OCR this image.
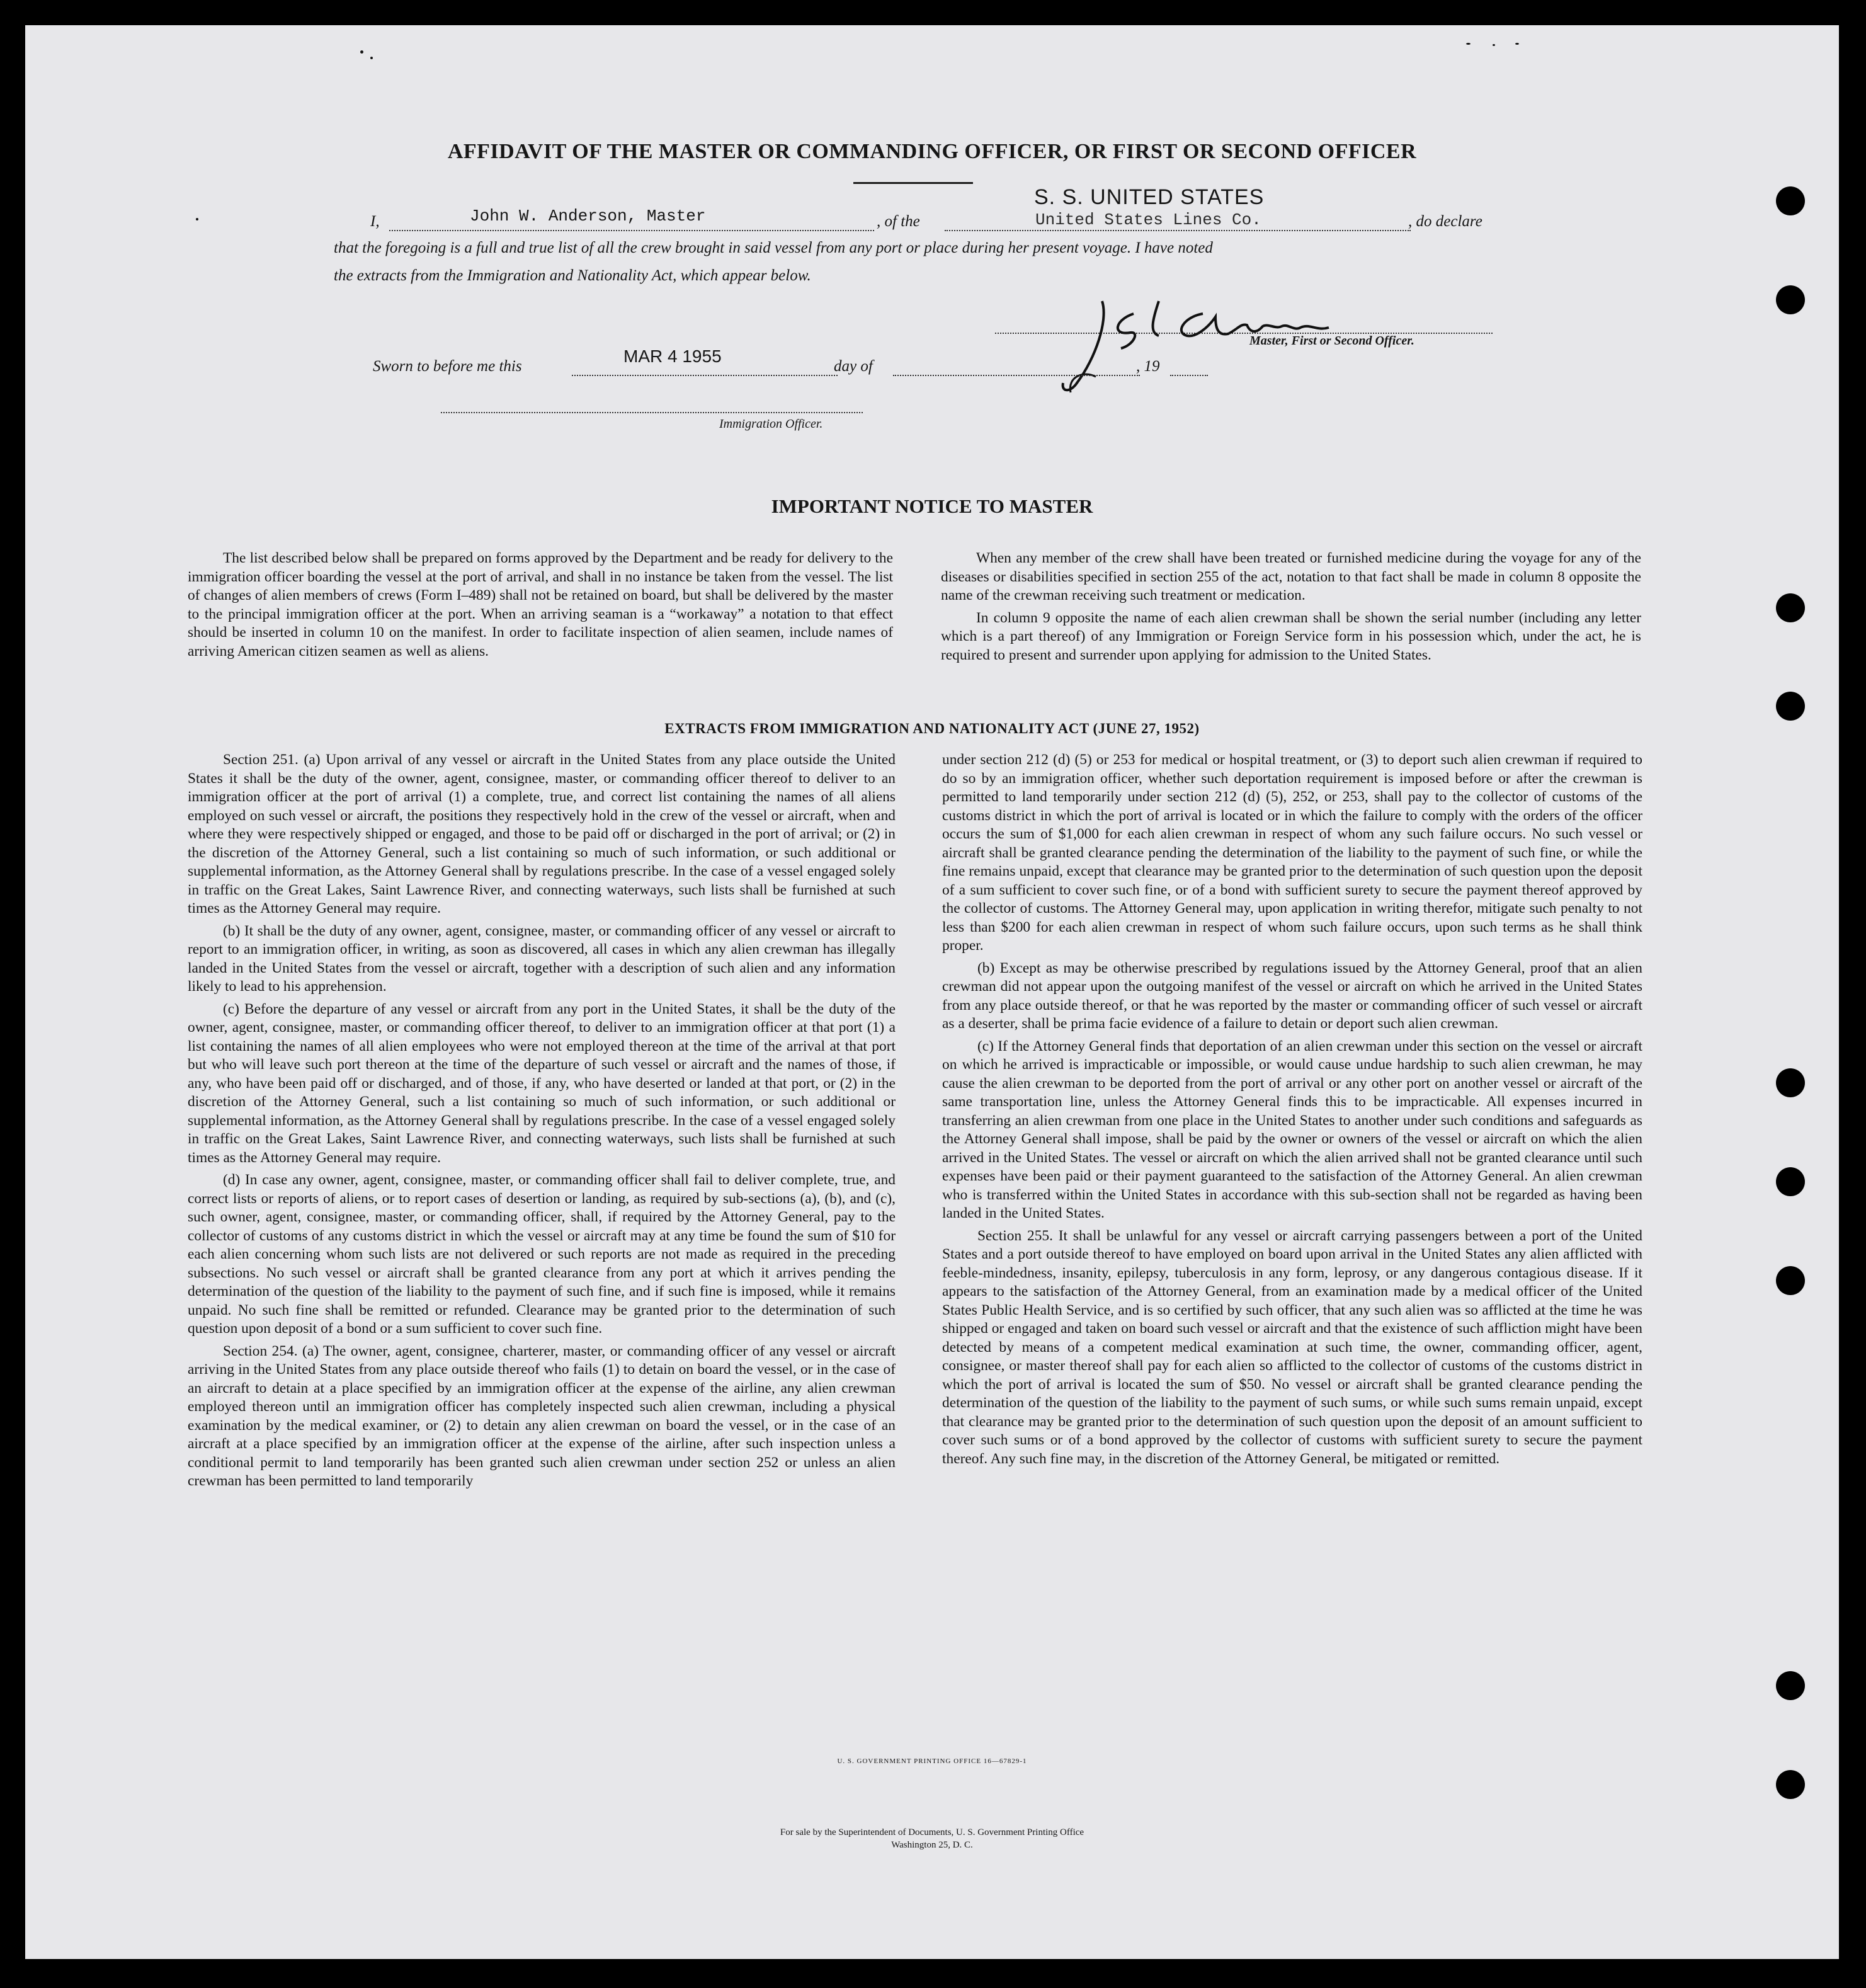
AFFIDAVIT OF THE MASTER OR COMMANDING OFFICER, OR FIRST OR SECOND OFFICER
I,	John W. Anderson, Master	, of the
S. S. UNITED STATES
United States Lines Co.	, do declare
that the foregoing is a full and true list of all the crew brought in said vessel from any port or place during her present voyage. I have noted
the extracts from the Immigration and Nationality Act, which appear below.
Master, First or Second Officer.
Sworn to before me this
MAR 4 1955
day of	, 19
Immigration Officer.
IMPORTANT NOTICE TO MASTER

The list described below shall be prepared on forms approved by the Department and be ready for delivery to the immigration officer boarding the vessel at the port of arrival, and shall in no instance be taken from the vessel. The list of changes of alien members of crews (Form I–489) shall not be retained on board, but shall be delivered by the master to the principal immigration officer at the port. When an arriving seaman is a “workaway” a notation to that effect should be inserted in column 10 on the manifest. In order to facilitate inspection of alien seamen, include names of arriving American citizen seamen as well as aliens.

When any member of the crew shall have been treated or furnished medicine during the voyage for any of the diseases or disabilities specified in section 255 of the act, notation to that fact shall be made in column 8 opposite the name of the crewman receiving such treatment or medication.

In column 9 opposite the name of each alien crewman shall be shown the serial number (including any letter which is a part thereof) of any Immigration or Foreign Service form in his possession which, under the act, he is required to present and surrender upon applying for admission to the United States.

EXTRACTS FROM IMMIGRATION AND NATIONALITY ACT (JUNE 27, 1952)

Section 251. (a) Upon arrival of any vessel or aircraft in the United States from any place outside the United States it shall be the duty of the owner, agent, consignee, master, or commanding officer thereof to deliver to an immigration officer at the port of arrival (1) a complete, true, and correct list containing the names of all aliens employed on such vessel or aircraft, the positions they respectively hold in the crew of the vessel or aircraft, when and where they were respectively shipped or engaged, and those to be paid off or discharged in the port of arrival; or (2) in the discretion of the Attorney General, such a list containing so much of such information, or such additional or supplemental information, as the Attorney General shall by regulations prescribe. In the case of a vessel engaged solely in traffic on the Great Lakes, Saint Lawrence River, and connecting waterways, such lists shall be furnished at such times as the Attorney General may require.

(b) It shall be the duty of any owner, agent, consignee, master, or commanding officer of any vessel or aircraft to report to an immigration officer, in writing, as soon as discovered, all cases in which any alien crewman has illegally landed in the United States from the vessel or aircraft, together with a description of such alien and any information likely to lead to his apprehension.

(c) Before the departure of any vessel or aircraft from any port in the United States, it shall be the duty of the owner, agent, consignee, master, or commanding officer thereof, to deliver to an immigration officer at that port (1) a list containing the names of all alien employees who were not employed thereon at the time of the arrival at that port but who will leave such port thereon at the time of the departure of such vessel or aircraft and the names of those, if any, who have been paid off or discharged, and of those, if any, who have deserted or landed at that port, or (2) in the discretion of the Attorney General, such a list containing so much of such information, or such additional or supplemental information, as the Attorney General shall by regulations prescribe. In the case of a vessel engaged solely in traffic on the Great Lakes, Saint Lawrence River, and connecting waterways, such lists shall be furnished at such times as the Attorney General may require.

(d) In case any owner, agent, consignee, master, or commanding officer shall fail to deliver complete, true, and correct lists or reports of aliens, or to report cases of desertion or landing, as required by sub-sections (a), (b), and (c), such owner, agent, consignee, master, or commanding officer, shall, if required by the Attorney General, pay to the collector of customs of any customs district in which the vessel or aircraft may at any time be found the sum of $10 for each alien concerning whom such lists are not delivered or such reports are not made as required in the preceding subsections. No such vessel or aircraft shall be granted clearance from any port at which it arrives pending the determination of the question of the liability to the payment of such fine, and if such fine is imposed, while it remains unpaid. No such fine shall be remitted or refunded. Clearance may be granted prior to the determination of such question upon deposit of a bond or a sum sufficient to cover such fine.

Section 254. (a) The owner, agent, consignee, charterer, master, or commanding officer of any vessel or aircraft arriving in the United States from any place outside thereof who fails (1) to detain on board the vessel, or in the case of an aircraft to detain at a place specified by an immigration officer at the expense of the airline, any alien crewman employed thereon until an immigration officer has completely inspected such alien crewman, including a physical examination by the medical examiner, or (2) to detain any alien crewman on board the vessel, or in the case of an aircraft at a place specified by an immigration officer at the expense of the airline, after such inspection unless a conditional permit to land temporarily has been granted such alien crewman under section 252 or unless an alien crewman has been permitted to land temporarily

under section 212 (d) (5) or 253 for medical or hospital treatment, or (3) to deport such alien crewman if required to do so by an immigration officer, whether such deportation requirement is imposed before or after the crewman is permitted to land temporarily under section 212 (d) (5), 252, or 253, shall pay to the collector of customs of the customs district in which the port of arrival is located or in which the failure to comply with the orders of the officer occurs the sum of $1,000 for each alien crewman in respect of whom any such failure occurs. No such vessel or aircraft shall be granted clearance pending the determination of the liability to the payment of such fine, or while the fine remains unpaid, except that clearance may be granted prior to the determination of such question upon the deposit of a sum sufficient to cover such fine, or of a bond with sufficient surety to secure the payment thereof approved by the collector of customs. The Attorney General may, upon application in writing therefor, mitigate such penalty to not less than $200 for each alien crewman in respect of whom such failure occurs, upon such terms as he shall think proper.

(b) Except as may be otherwise prescribed by regulations issued by the Attorney General, proof that an alien crewman did not appear upon the outgoing manifest of the vessel or aircraft on which he arrived in the United States from any place outside thereof, or that he was reported by the master or commanding officer of such vessel or aircraft as a deserter, shall be prima facie evidence of a failure to detain or deport such alien crewman.

(c) If the Attorney General finds that deportation of an alien crewman under this section on the vessel or aircraft on which he arrived is impracticable or impossible, or would cause undue hardship to such alien crewman, he may cause the alien crewman to be deported from the port of arrival or any other port on another vessel or aircraft of the same transportation line, unless the Attorney General finds this to be impracticable. All expenses incurred in transferring an alien crewman from one place in the United States to another under such conditions and safeguards as the Attorney General shall impose, shall be paid by the owner or owners of the vessel or aircraft on which the alien arrived in the United States. The vessel or aircraft on which the alien arrived shall not be granted clearance until such expenses have been paid or their payment guaranteed to the satisfaction of the Attorney General. An alien crewman who is transferred within the United States in accordance with this sub-section shall not be regarded as having been landed in the United States.

Section 255. It shall be unlawful for any vessel or aircraft carrying passengers between a port of the United States and a port outside thereof to have employed on board upon arrival in the United States any alien afflicted with feeble-mindedness, insanity, epilepsy, tuberculosis in any form, leprosy, or any dangerous contagious disease. If it appears to the satisfaction of the Attorney General, from an examination made by a medical officer of the United States Public Health Service, and is so certified by such officer, that any such alien was so afflicted at the time he was shipped or engaged and taken on board such vessel or aircraft and that the existence of such affliction might have been detected by means of a competent medical examination at such time, the owner, commanding officer, agent, consignee, or master thereof shall pay for each alien so afflicted to the collector of customs of the customs district in which the port of arrival is located the sum of $50. No vessel or aircraft shall be granted clearance pending the determination of the question of the liability to the payment of such sums, or while such sums remain unpaid, except that clearance may be granted prior to the determination of such question upon the deposit of an amount sufficient to cover such sums or of a bond approved by the collector of customs with sufficient surety to secure the payment thereof. Any such fine may, in the discretion of the Attorney General, be mitigated or remitted.

U. S. GOVERNMENT PRINTING OFFICE 16—67829-1
For sale by the Superintendent of Documents, U. S. Government Printing Office
Washington 25, D. C.
